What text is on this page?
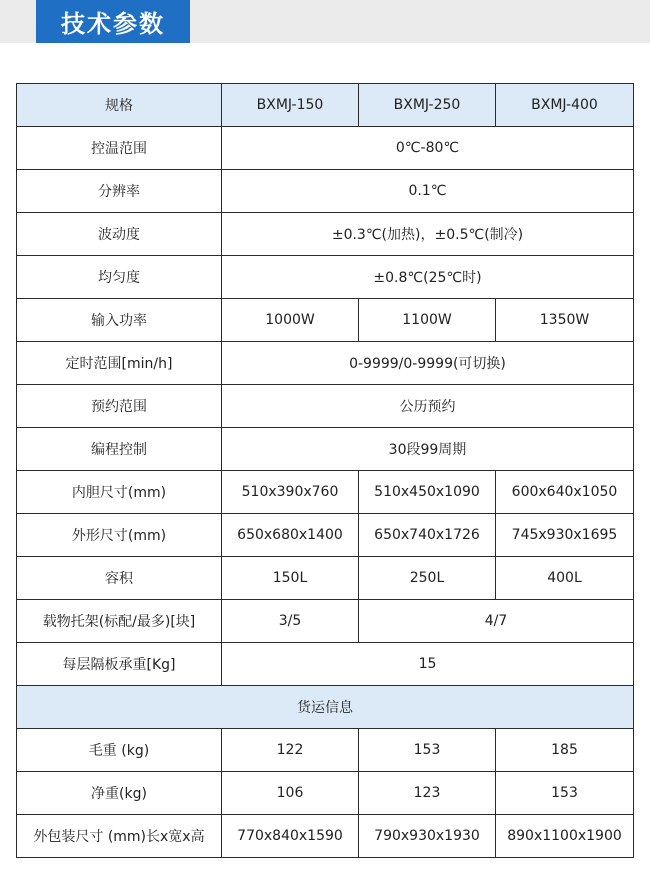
技术参数
规格	BXMJ-150	BXMJ-250	BXMJ-400
控温范围	0℃-80℃		
分辨率	0.1℃		
波动度	±0.3℃(加热)，±0.5℃(制冷)		
均匀度	±0.8℃(25℃时)		
输入功率	1000W	1100W	1350W
定时范围[min/h]	0-9999/0-9999(可切换)		
预约范围	公历预约		
编程控制	30段99周期		
内胆尺寸(mm)	510x390x760	510x450x1090	600x640x1050
外形尺寸(mm)	650x680x1400	650x740x1726	745x930x1695
容积	150L	250L	400L
载物托架(标配/最多)[块]	3/5	4/7	
每层隔板承重[Kg]	15		
货运信息			
毛重 (kg)	122	153	185
净重(kg)	106	123	153
外包装尺寸 (mm)长x宽x高	770x840x1590	790x930x1930	890x1100x1900
